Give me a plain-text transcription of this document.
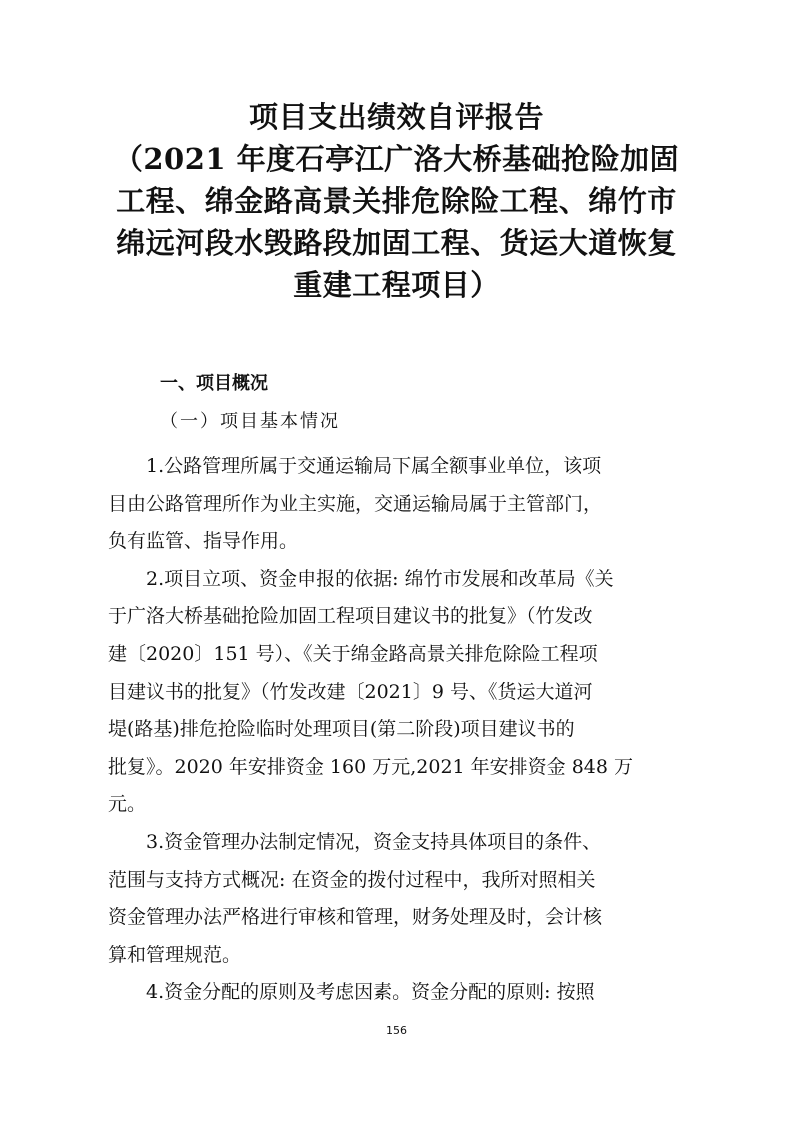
项目支出绩效自评报告
（2021 年度石亭江广洛大桥基础抢险加固
工程、绵金路高景关排危除险工程、绵竹市
绵远河段水毁路段加固工程、货运大道恢复
重建工程项目）
一、项目概况
（一）项目基本情况
1.公路管理所属于交通运输局下属全额事业单位，该项
目由公路管理所作为业主实施，交通运输局属于主管部门，
负有监管、指导作用。
2.项目立项、资金申报的依据: 绵竹市发展和改革局《关
于广洛大桥基础抢险加固工程项目建议书的批复》（竹发改
建〔2020〕151 号）、《关于绵金路高景关排危除险工程项
目建议书的批复》（竹发改建〔2021〕9 号、《货运大道河
堤(路基)排危抢险临时处理项目(第二阶段)项目建议书的
批复》。2020 年安排资金 160 万元,2021 年安排资金 848 万
元。
3.资金管理办法制定情况，资金支持具体项目的条件、
范围与支持方式概况: 在资金的拨付过程中，我所对照相关
资金管理办法严格进行审核和管理，财务处理及时，会计核
算和管理规范。
4.资金分配的原则及考虑因素。资金分配的原则: 按照
156
